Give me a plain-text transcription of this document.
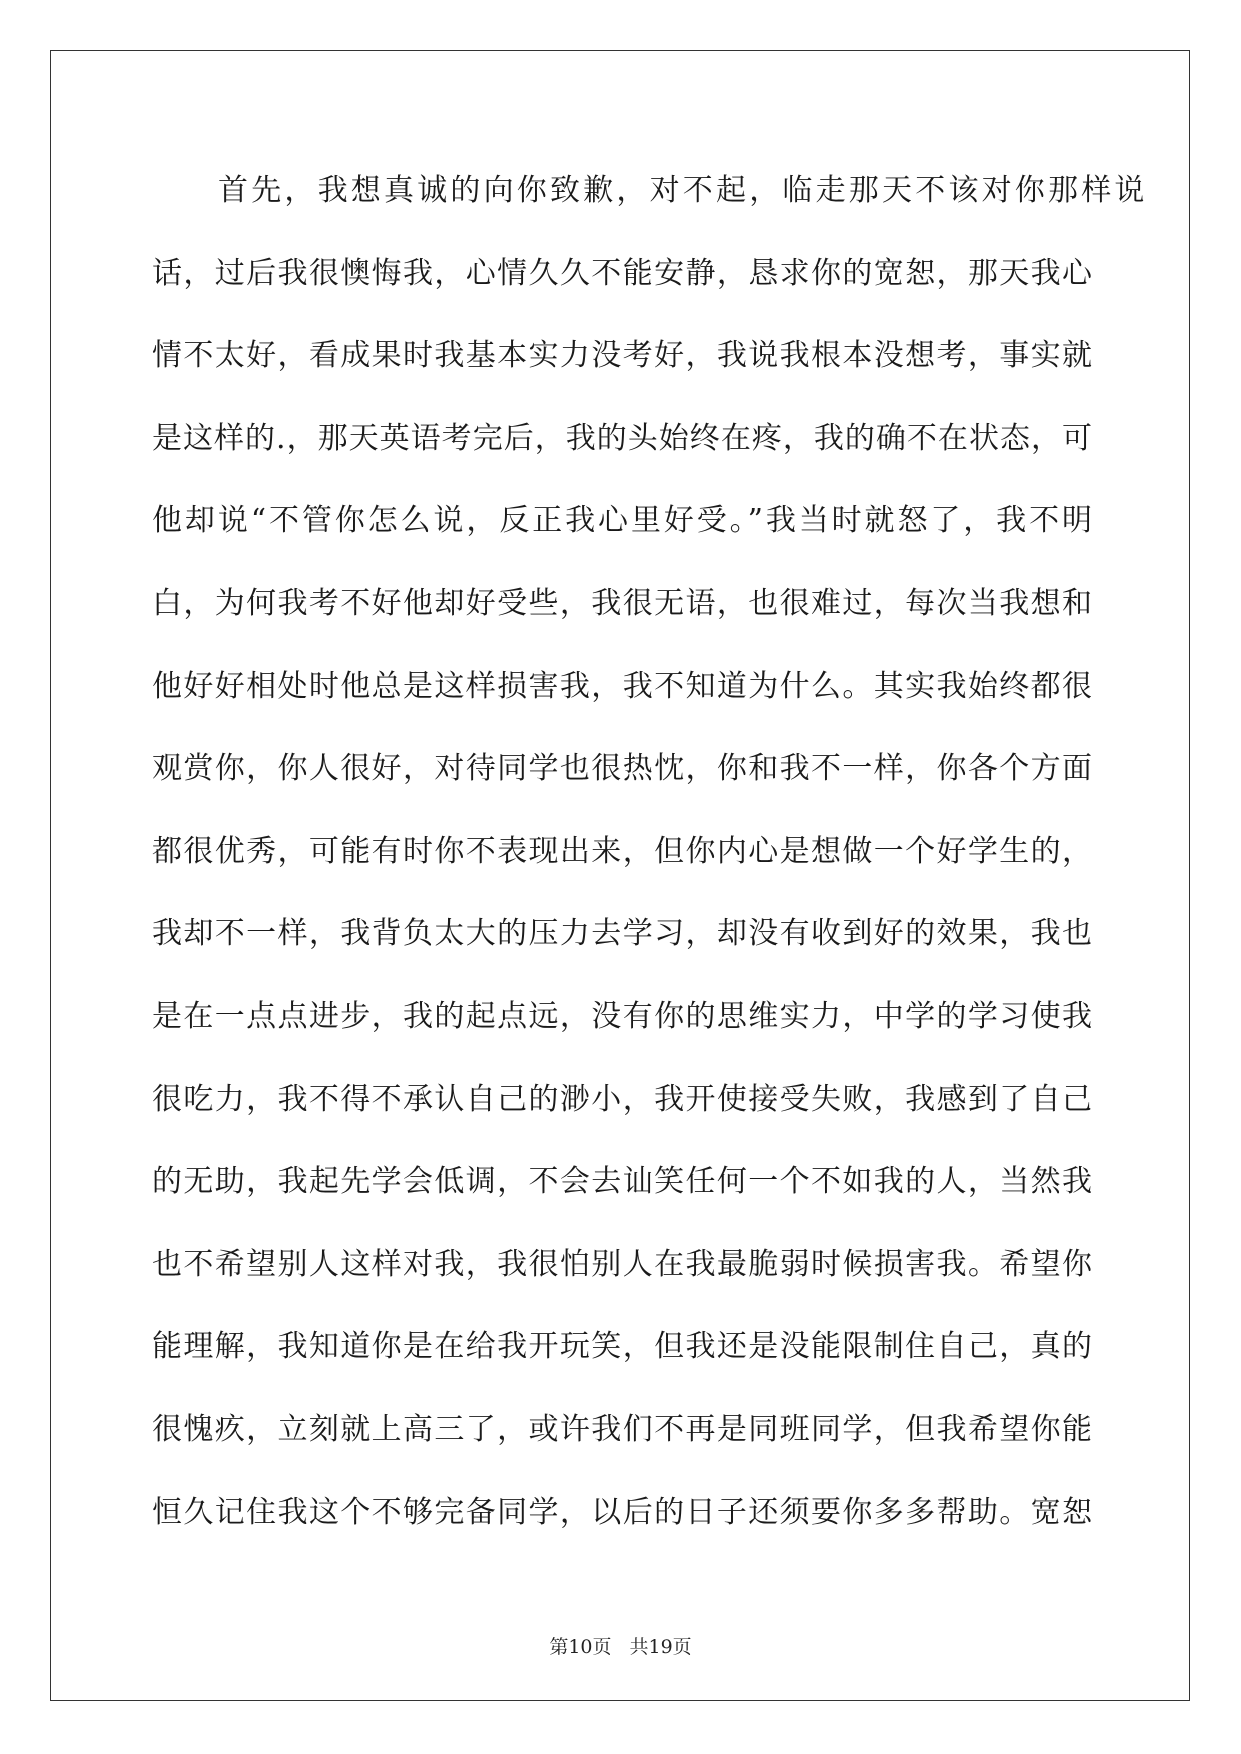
首先，我想真诚的向你致歉，对不起，临走那天不该对你那样说
话，过后我很懊悔我，心情久久不能安静，恳求你的宽恕，那天我心
情不太好，看成果时我基本实力没考好，我说我根本没想考，事实就
是这样的.，那天英语考完后，我的头始终在疼，我的确不在状态，可
他却说“不管你怎么说，反正我心里好受。”我当时就怒了，我不明
白，为何我考不好他却好受些，我很无语，也很难过，每次当我想和
他好好相处时他总是这样损害我，我不知道为什么。其实我始终都很
观赏你，你人很好，对待同学也很热忱，你和我不一样，你各个方面
都很优秀，可能有时你不表现出来，但你内心是想做一个好学生的，
我却不一样，我背负太大的压力去学习，却没有收到好的效果，我也
是在一点点进步，我的起点远，没有你的思维实力，中学的学习使我
很吃力，我不得不承认自己的渺小，我开使接受失败，我感到了自己
的无助，我起先学会低调，不会去讪笑任何一个不如我的人，当然我
也不希望别人这样对我，我很怕别人在我最脆弱时候损害我。希望你
能理解，我知道你是在给我开玩笑，但我还是没能限制住自己，真的
很愧疚，立刻就上高三了，或许我们不再是同班同学，但我希望你能
恒久记住我这个不够完备同学，以后的日子还须要你多多帮助。宽恕
第10页 共19页
